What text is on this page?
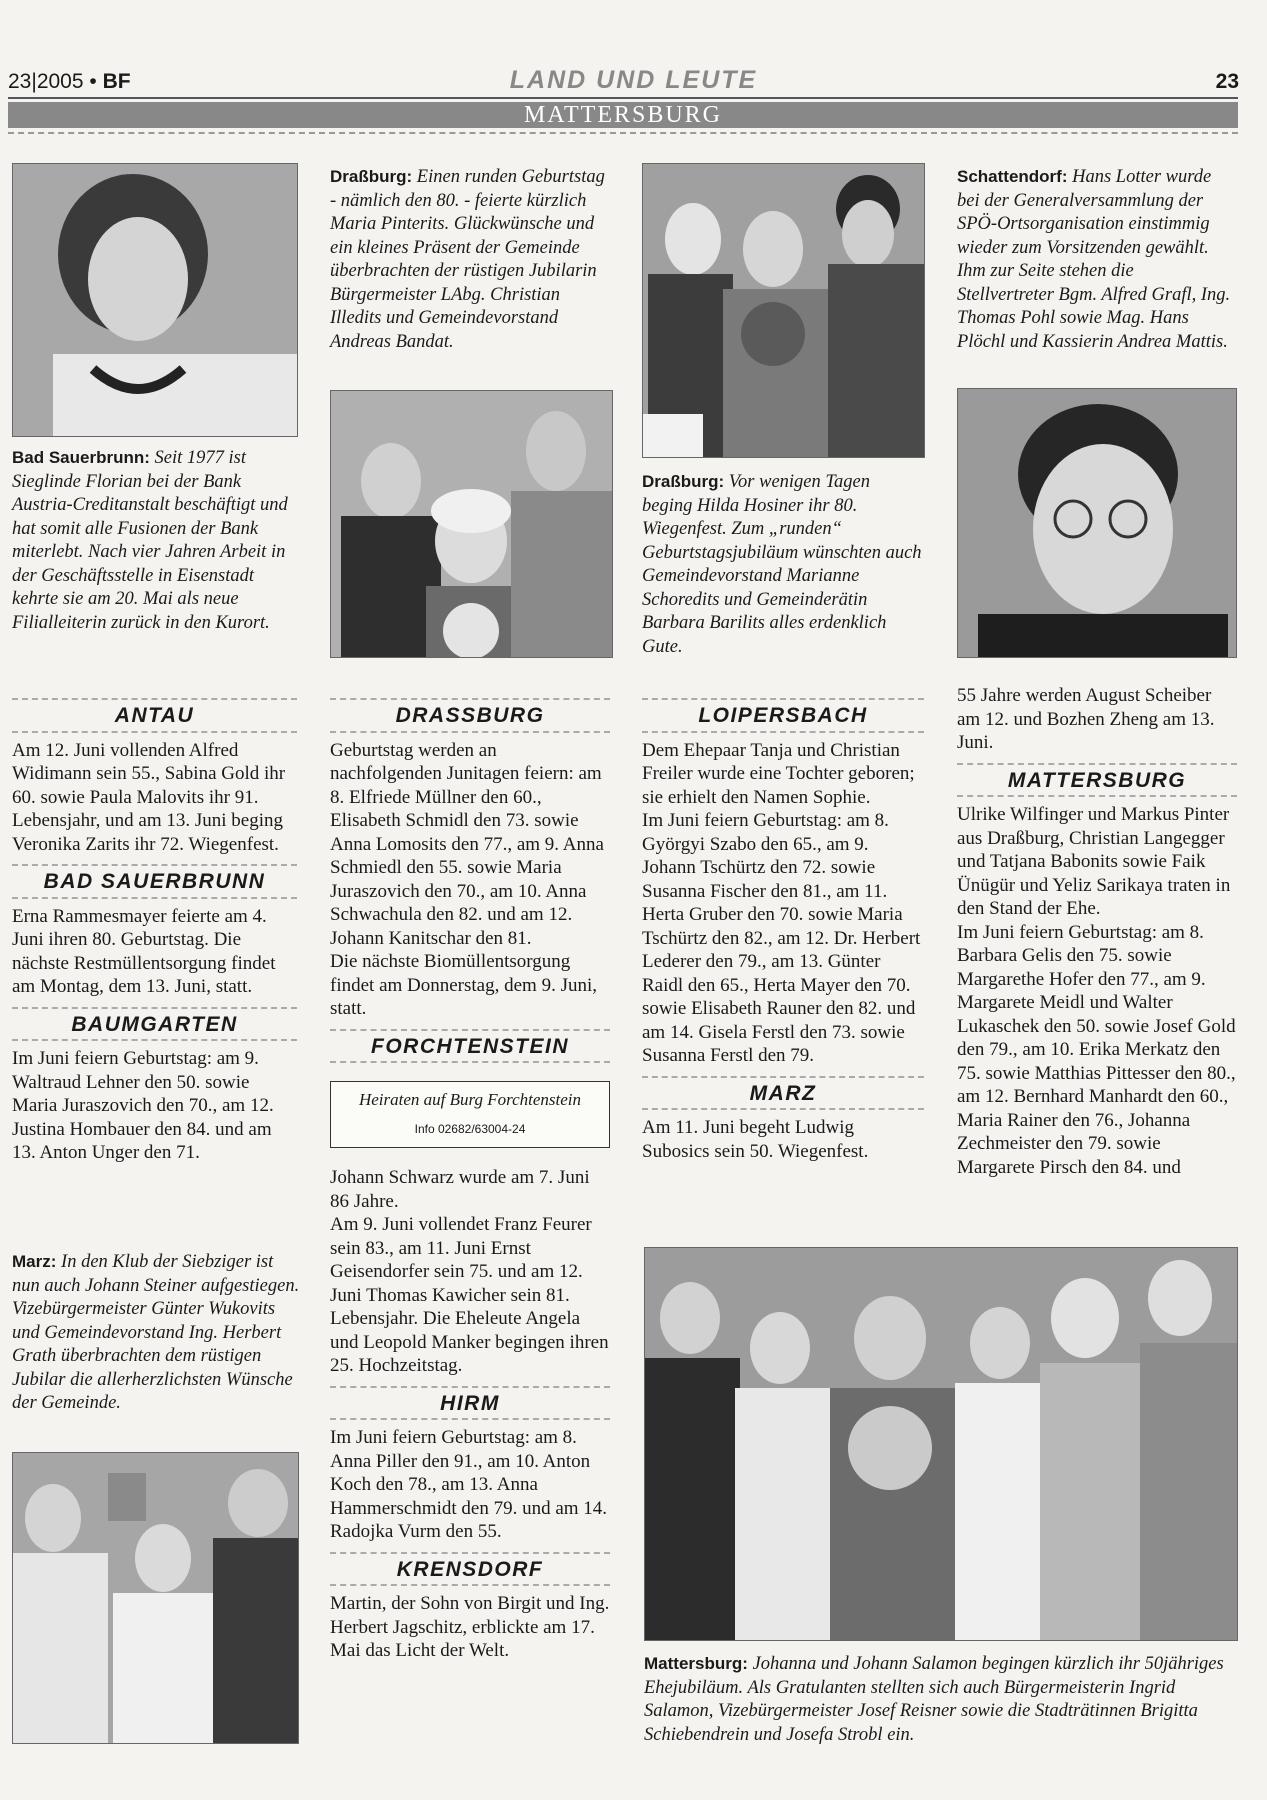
23|2005 • BF	LAND UND LEUTE	23
MATTERSBURG
Bad Sauerbrunn: Seit 1977 ist Sieglinde Florian bei der Bank Austria-Creditanstalt beschäftigt und hat somit alle Fusionen der Bank miterlebt. Nach vier Jahren Arbeit in der Geschäftsstelle in Eisenstadt kehrte sie am 20. Mai als neue Filialleiterin zurück in den Kurort.
Draßburg: Einen runden Geburtstag - nämlich den 80. - feierte kürzlich Maria Pinterits. Glückwünsche und ein kleines Präsent der Gemeinde überbrachten der rüstigen Jubilarin Bürgermeister LAbg. Christian Illedits und Gemeindevorstand Andreas Bandat.
Draßburg: Vor wenigen Tagen beging Hilda Hosiner ihr 80. Wiegenfest. Zum „runden“ Geburtstagsjubiläum wünschten auch Gemeindevorstand Marianne Schoredits und Gemeinderätin Barbara Barilits alles erdenklich Gute.
Schattendorf: Hans Lotter wurde bei der Generalversammlung der SPÖ-Ortsorganisation einstimmig wieder zum Vorsitzenden gewählt. Ihm zur Seite stehen die Stellvertreter Bgm. Alfred Grafl, Ing. Thomas Pohl sowie Mag. Hans Plöchl und Kassierin Andrea Mattis.
Marz: In den Klub der Siebziger ist nun auch Johann Steiner aufgestiegen. Vizebürgermeister Günter Wukovits und Gemeindevorstand Ing. Herbert Grath überbrachten dem rüstigen Jubilar die allerherzlichsten Wünsche der Gemeinde.
Mattersburg: Johanna und Johann Salamon begingen kürzlich ihr 50jähriges Ehejubiläum. Als Gratulanten stellten sich auch Bürgermeisterin Ingrid Salamon, Vizebürgermeister Josef Reisner sowie die Stadträtinnen Brigitta Schiebendrein und Josefa Strobl ein.
ANTAU

Am 12. Juni vollenden Alfred Widimann sein 55., Sabina Gold ihr 60. sowie Paula Malovits ihr 91. Lebensjahr, und am 13. Juni beging Veronika Zarits ihr 72. Wiegenfest.

BAD SAUERBRUNN

Erna Rammesmayer feierte am 4. Juni ihren 80. Geburtstag. Die nächste Restmüllentsorgung findet am Montag, dem 13. Juni, statt.

BAUMGARTEN

Im Juni feiern Geburtstag: am 9. Waltraud Lehner den 50. sowie Maria Juraszovich den 70., am 12. Justina Hombauer den 84. und am 13. Anton Unger den 71.

DRASSBURG

Geburtstag werden an nachfolgenden Junitagen feiern: am 8. Elfriede Müllner den 60., Elisabeth Schmidl den 73. sowie Anna Lomosits den 77., am 9. Anna Schmiedl den 55. sowie Maria Juraszovich den 70., am 10. Anna Schwachula den 82. und am 12. Johann Kanitschar den 81.

Die nächste Biomüllentsorgung findet am Donnerstag, dem 9. Juni, statt.

FORCHTENSTEIN
Heiraten auf Burg Forchtenstein
Info 02682/63004-24

Johann Schwarz wurde am 7. Juni 86 Jahre.

Am 9. Juni vollendet Franz Feurer sein 83., am 11. Juni Ernst Geisendorfer sein 75. und am 12. Juni Thomas Kawicher sein 81. Lebensjahr. Die Eheleute Angela und Leopold Manker begingen ihren 25. Hochzeitstag.

HIRM

Im Juni feiern Geburtstag: am 8. Anna Piller den 91., am 10. Anton Koch den 78., am 13. Anna Hammerschmidt den 79. und am 14. Radojka Vurm den 55.

KRENSDORF

Martin, der Sohn von Birgit und Ing. Herbert Jagschitz, erblickte am 17. Mai das Licht der Welt.

LOIPERSBACH

Dem Ehepaar Tanja und Christian Freiler wurde eine Tochter geboren; sie erhielt den Namen Sophie.

Im Juni feiern Geburtstag: am 8. Györgyi Szabo den 65., am 9. Johann Tschürtz den 72. sowie Susanna Fischer den 81., am 11. Herta Gruber den 70. sowie Maria Tschürtz den 82., am 12. Dr. Herbert Lederer den 79., am 13. Günter Raidl den 65., Herta Mayer den 70. sowie Elisabeth Rauner den 82. und am 14. Gisela Ferstl den 73. sowie Susanna Ferstl den 79.

MARZ

Am 11. Juni begeht Ludwig Subosics sein 50. Wiegenfest.

55 Jahre werden August Scheiber am 12. und Bozhen Zheng am 13. Juni.

MATTERSBURG

Ulrike Wilfinger und Markus Pinter aus Draßburg, Christian Langegger und Tatjana Babonits sowie Faik Ünügür und Yeliz Sarikaya traten in den Stand der Ehe.

Im Juni feiern Geburtstag: am 8. Barbara Gelis den 75. sowie Margarethe Hofer den 77., am 9. Margarete Meidl und Walter Lukaschek den 50. sowie Josef Gold den 79., am 10. Erika Merkatz den 75. sowie Matthias Pittesser den 80., am 12. Bernhard Manhardt den 60., Maria Rainer den 76., Johanna Zechmeister den 79. sowie Margarete Pirsch den 84. und
